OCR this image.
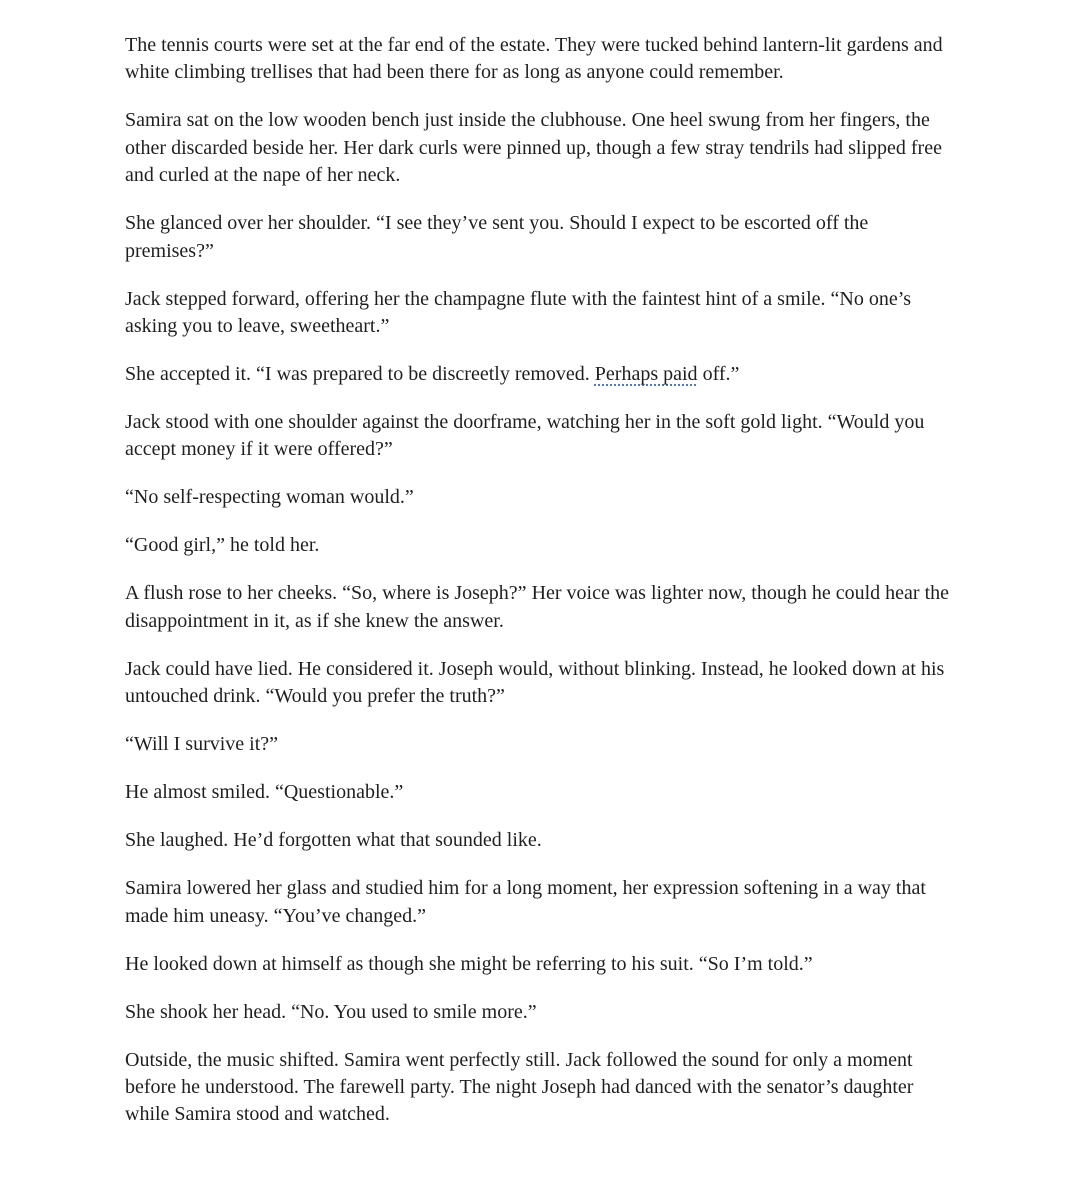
The tennis courts were set at the far end of the estate. They were tucked behind lantern-lit gardens and white climbing trellises that had been there for as long as anyone could remember.

Samira sat on the low wooden bench just inside the clubhouse. One heel swung from her fingers, the other discarded beside her. Her dark curls were pinned up, though a few stray tendrils had slipped free and curled at the nape of her neck.

She glanced over her shoulder. “I see they’ve sent you. Should I expect to be escorted off the premises?”

Jack stepped forward, offering her the champagne flute with the faintest hint of a smile. “No one’s asking you to leave, sweetheart.”

She accepted it. “I was prepared to be discreetly removed. Perhaps paid off.”

Jack stood with one shoulder against the doorframe, watching her in the soft gold light. “Would you accept money if it were offered?”

“No self-respecting woman would.”

“Good girl,” he told her.

A flush rose to her cheeks. “So, where is Joseph?” Her voice was lighter now, though he could hear the disappointment in it, as if she knew the answer.

Jack could have lied. He considered it. Joseph would, without blinking. Instead, he looked down at his untouched drink. “Would you prefer the truth?”

“Will I survive it?”

He almost smiled. “Questionable.”

She laughed. He’d forgotten what that sounded like.

Samira lowered her glass and studied him for a long moment, her expression softening in a way that made him uneasy. “You’ve changed.”

He looked down at himself as though she might be referring to his suit. “So I’m told.”

She shook her head. “No. You used to smile more.”

Outside, the music shifted. Samira went perfectly still. Jack followed the sound for only a moment before he understood. The farewell party. The night Joseph had danced with the senator’s daughter while Samira stood and watched.
